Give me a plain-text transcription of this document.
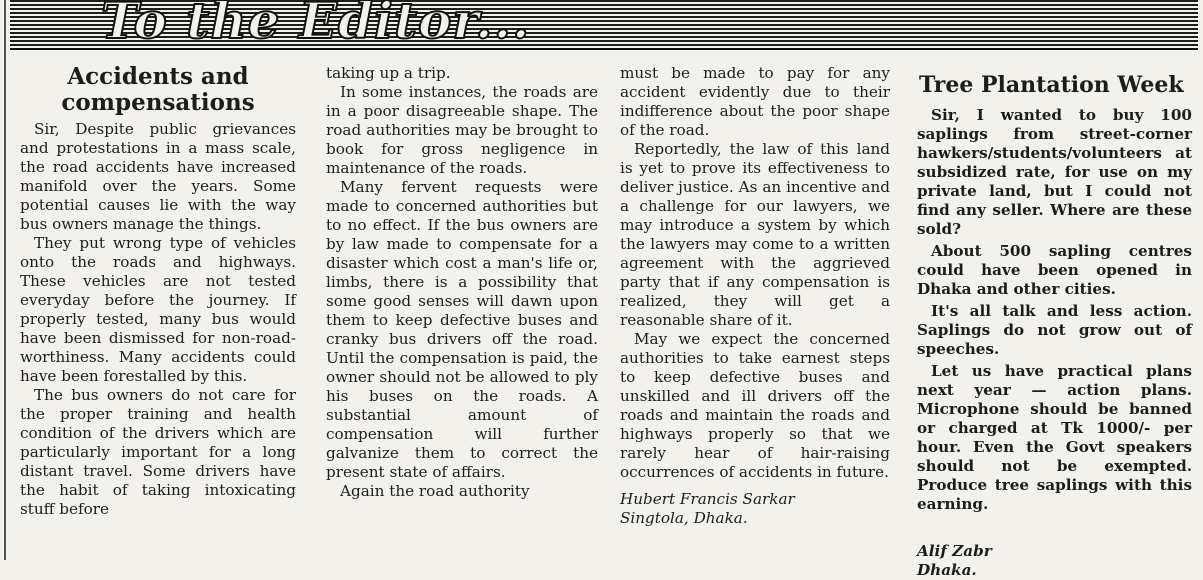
To the Editor...
Accidents and compensations

Sir, Despite public grievances and protestations in a mass scale, the road accidents have increased manifold over the years. Some potential causes lie with the way bus owners manage the things.

They put wrong type of vehicles onto the roads and highways. These vehicles are not tested everyday before the journey. If properly tested, many bus would have been dismissed for non-road-worthiness. Many accidents could have been forestalled by this.

The bus owners do not care for the proper training and health condition of the drivers which are particularly important for a long distant travel. Some drivers have the habit of taking intoxicating stuff before

taking up a trip.

In some instances, the roads are in a poor disagreeable shape. The road authorities may be brought to book for gross negligence in maintenance of the roads.

Many fervent requests were made to concerned authorities but to no effect. If the bus owners are by law made to compensate for a disaster which cost a man's life or, limbs, there is a possibility that some good senses will dawn upon them to keep defective buses and cranky bus drivers off the road. Until the compensation is paid, the owner should not be allowed to ply his buses on the roads. A substantial amount of compensation will further galvanize them to correct the present state of affairs.

Again the road authority

must be made to pay for any accident evidently due to their indifference about the poor shape of the road.

Reportedly, the law of this land is yet to prove its effectiveness to deliver justice. As an incentive and a challenge for our lawyers, we may introduce a system by which the lawyers may come to a written agreement with the aggrieved party that if any compensation is realized, they will get a reasonable share of it.

May we expect the concerned authorities to take earnest steps to keep defective buses and unskilled and ill drivers off the roads and maintain the roads and highways properly so that we rarely hear of hair-raising occurrences of accidents in future.

Hubert Francis Sarkar
Singtola, Dhaka.
Tree Plantation Week

Sir, I wanted to buy 100 saplings from street-corner hawkers/students/volunteers at subsidized rate, for use on my private land, but I could not find any seller. Where are these sold?

About 500 sapling centres could have been opened in Dhaka and other cities.

It's all talk and less action. Saplings do not grow out of speeches.

Let us have practical plans next year — action plans. Microphone should be banned or charged at Tk 1000/- per hour. Even the Govt speakers should not be exempted. Produce tree saplings with this earning.

Alif Zabr
Dhaka.
